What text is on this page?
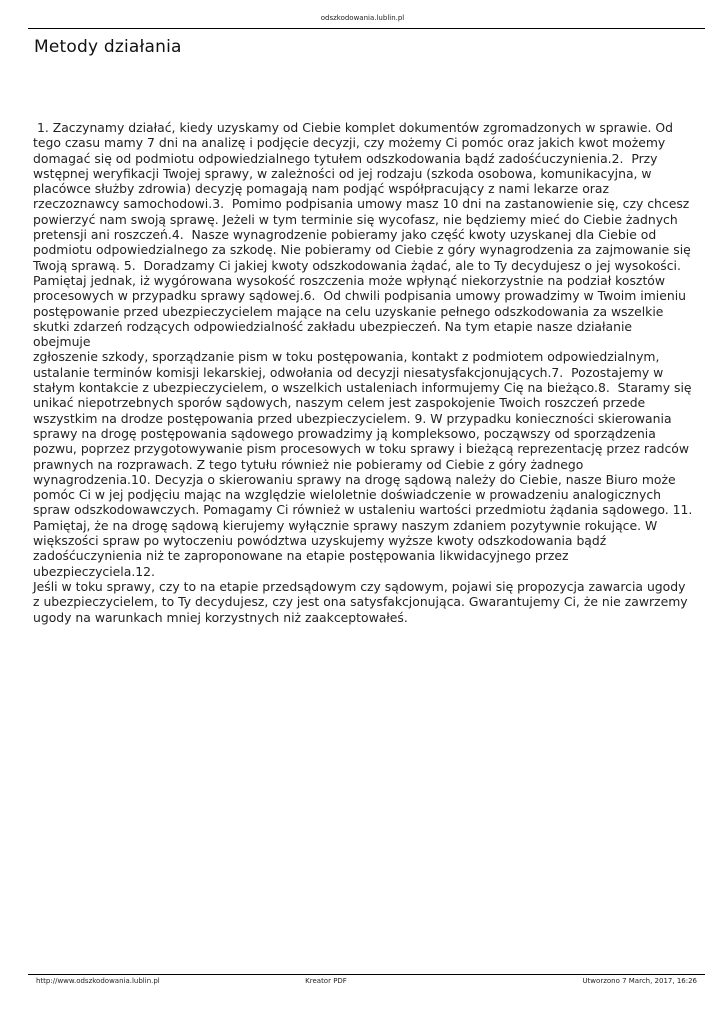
odszkodowania.lublin.pl
Metody działania

1. Zaczynamy działać, kiedy uzyskamy od Ciebie komplet dokumentów zgromadzonych w sprawie. Od
tego czasu mamy 7 dni na analizę i podjęcie decyzji, czy możemy Ci pomóc oraz jakich kwot możemy
domagać się od podmiotu odpowiedzialnego tytułem odszkodowania bądź zadośćuczynienia.2.  Przy
wstępnej weryfikacji Twojej sprawy, w zależności od jej rodzaju (szkoda osobowa, komunikacyjna, w
placówce służby zdrowia) decyzję pomagają nam podjąć współpracujący z nami lekarze oraz
rzeczoznawcy samochodowi.3.  Pomimo podpisania umowy masz 10 dni na zastanowienie się, czy chcesz
powierzyć nam swoją sprawę. Jeżeli w tym terminie się wycofasz, nie będziemy mieć do Ciebie żadnych
pretensji ani roszczeń.4.  Nasze wynagrodzenie pobieramy jako część kwoty uzyskanej dla Ciebie od
podmiotu odpowiedzialnego za szkodę. Nie pobieramy od Ciebie z góry wynagrodzenia za zajmowanie się
Twoją sprawą. 5.  Doradzamy Ci jakiej kwoty odszkodowania żądać, ale to Ty decydujesz o jej wysokości.
Pamiętaj jednak, iż wygórowana wysokość roszczenia może wpłynąć niekorzystnie na podział kosztów
procesowych w przypadku sprawy sądowej.6.  Od chwili podpisania umowy prowadzimy w Twoim imieniu
postępowanie przed ubezpieczycielem mające na celu uzyskanie pełnego odszkodowania za wszelkie
skutki zdarzeń rodzących odpowiedzialność zakładu ubezpieczeń. Na tym etapie nasze działanie obejmuje
zgłoszenie szkody, sporządzanie pism w toku postępowania, kontakt z podmiotem odpowiedzialnym,
ustalanie terminów komisji lekarskiej, odwołania od decyzji niesatysfakcjonujących.7.  Pozostajemy w
stałym kontakcie z ubezpieczycielem, o wszelkich ustaleniach informujemy Cię na bieżąco.8.  Staramy się
unikać niepotrzebnych sporów sądowych, naszym celem jest zaspokojenie Twoich roszczeń przede
wszystkim na drodze postępowania przed ubezpieczycielem. 9. W przypadku konieczności skierowania
sprawy na drogę postępowania sądowego prowadzimy ją kompleksowo, począwszy od sporządzenia
pozwu, poprzez przygotowywanie pism procesowych w toku sprawy i bieżącą reprezentację przez radców
prawnych na rozprawach. Z tego tytułu również nie pobieramy od Ciebie z góry żadnego
wynagrodzenia.10. Decyzja o skierowaniu sprawy na drogę sądową należy do Ciebie, nasze Biuro może
pomóc Ci w jej podjęciu mając na względzie wieloletnie doświadczenie w prowadzeniu analogicznych
spraw odszkodowawczych. Pomagamy Ci również w ustaleniu wartości przedmiotu żądania sądowego. 11.
Pamiętaj, że na drogę sądową kierujemy wyłącznie sprawy naszym zdaniem pozytywnie rokujące. W
większości spraw po wytoczeniu powództwa uzyskujemy wyższe kwoty odszkodowania bądź
zadośćuczynienia niż te zaproponowane na etapie postępowania likwidacyjnego przez ubezpieczyciela.12.
Jeśli w toku sprawy, czy to na etapie przedsądowym czy sądowym, pojawi się propozycja zawarcia ugody
z ubezpieczycielem, to Ty decydujesz, czy jest ona satysfakcjonująca. Gwarantujemy Ci, że nie zawrzemy
ugody na warunkach mniej korzystnych niż zaakceptowałeś.

http://www.odszkodowania.lublin.pl	Kreator PDF	Utworzono 7 March, 2017, 16:26
